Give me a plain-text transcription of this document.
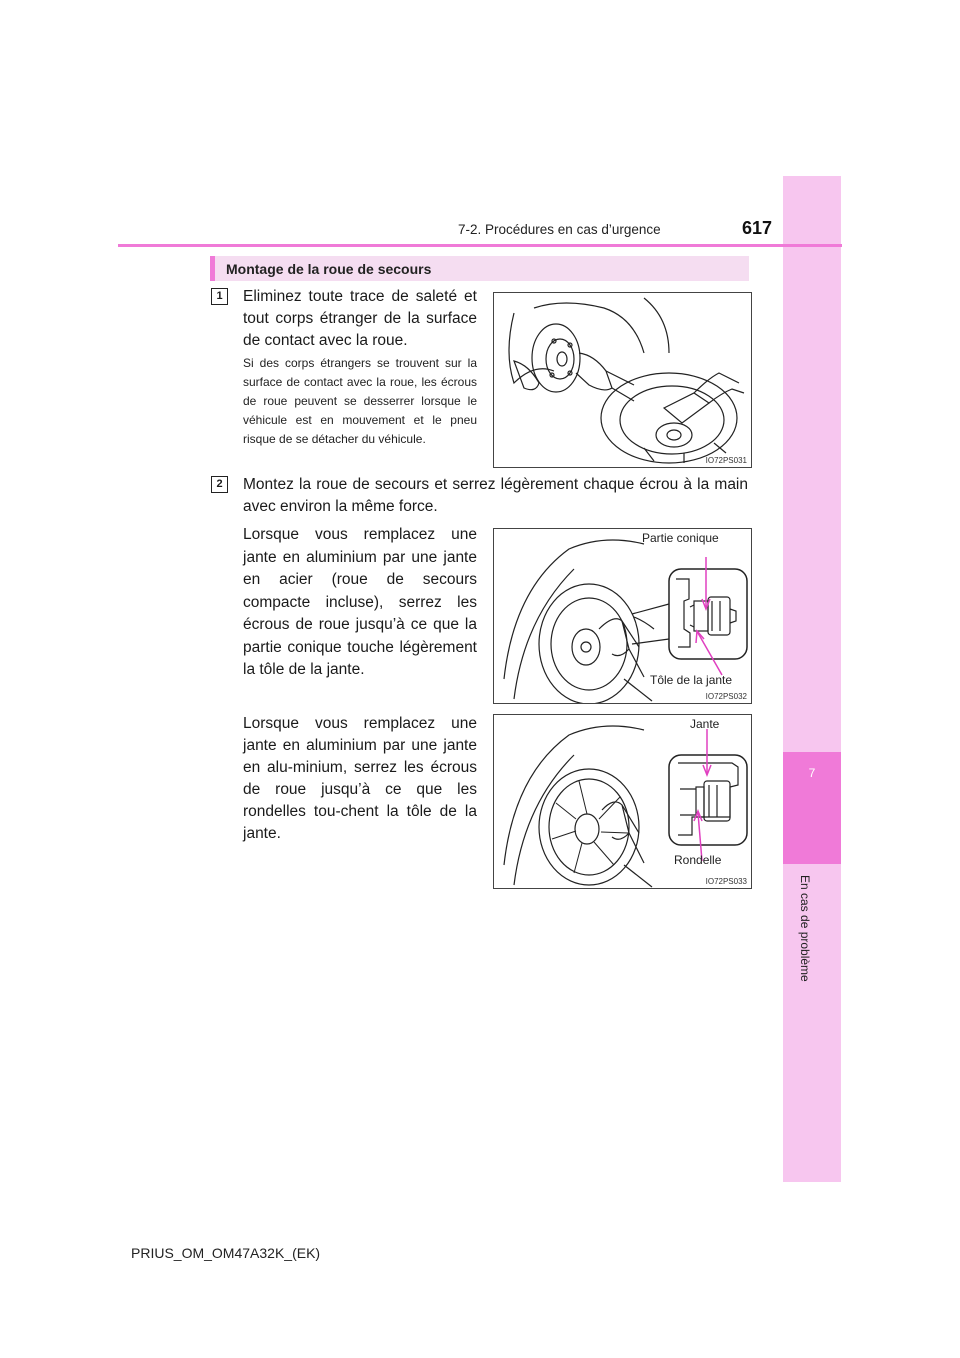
7
En cas de problème
7-2. Procédures en cas d’urgence	617
Montage de la roue de secours
1	Eliminez toute trace de saleté et tout corps étranger de la surface de contact avec la roue.
Si des corps étrangers se trouvent sur la surface de contact avec la roue, les écrous de roue peuvent se desserrer lorsque le véhicule est en mouvement et le pneu risque de se détacher du véhicule.
IO72PS031
2	Montez la roue de secours et serrez légèrement chaque écrou à la main avec environ la même force.
Lorsque vous remplacez une jante en aluminium par une jante en acier (roue de secours compacte incluse), serrez les écrous de roue jusqu’à ce que la partie conique touche légèrement la tôle de la jante.
Lorsque vous remplacez une jante en aluminium par une jante en alu-minium, serrez les écrous de roue jusqu’à ce que les rondelles tou-chent la tôle de la jante.
Partie conique
Tôle de la jante
IO72PS032
Jante
Rondelle
IO72PS033
PRIUS_OM_OM47A32K_(EK)
